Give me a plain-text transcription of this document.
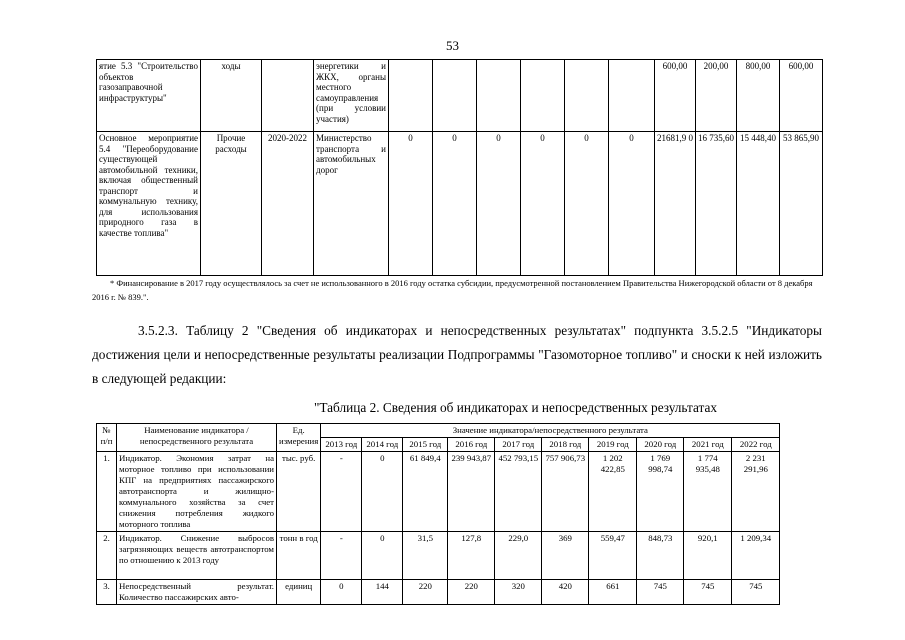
53
ятие 5.3 "Строительство объектов газозаправочной инфраструктуры"	ходы		энергетики и ЖКХ, органы местного самоуправления (при условии участия)							600,00	200,00	800,00	600,00
Основное мероприятие 5.4 "Переоборудование существующей автомобильной техники, включая общественный транспорт и коммунальную технику, для использования природного газа в качестве топлива"	Прочие расходы	2020-2022	Министерство транспорта и автомобильных дорог	0	0	0	0	0	0	21681,9 0	16 735,60	15 448,40	53 865,90
* Финансирование в 2017 году осуществлялось за счет не использованного в 2016 году остатка субсидии, предусмотренной постановлением Правительства Нижегородской области от 8 декабря 2016 г. № 839.".
3.5.2.3. Таблицу 2 "Сведения об индикаторах и непосредственных результатах" подпункта 3.5.2.5 "Индикаторы достижения цели и непосредственные результаты реализации Подпрограммы "Газомоторное топливо" и сноски к ней изложить в следующей редакции:
"Таблица 2. Сведения об индикаторах и непосредственных результатах
№ п/п	Наименование индикатора / непосредственного результата	Ед. измерения	Значение индикатора/непосредственного результата									
			2013 год	2014 год	2015 год	2016 год	2017 год	2018 год	2019 год	2020 год	2021 год	2022 год
1.	Индикатор. Экономия затрат на моторное топливо при использовании КПГ на предприятиях пассажирского автотранспорта и жилищно-коммунального хозяйства за счет снижения потребления жидкого моторного топлива	тыс. руб.	-	0	61 849,4	239 943,87	452 793,15	757 906,73	1 202 422,85	1 769 998,74	1 774 935,48	2 231 291,96
2.	Индикатор. Снижение выбросов загрязняющих веществ автотранспортом по отношению к 2013 году	тонн в год	-	0	31,5	127,8	229,0	369	559,47	848,73	920,1	1 209,34
3.	Непосредственный результат. Количество пассажирских авто-	единиц	0	144	220	220	320	420	661	745	745	745
